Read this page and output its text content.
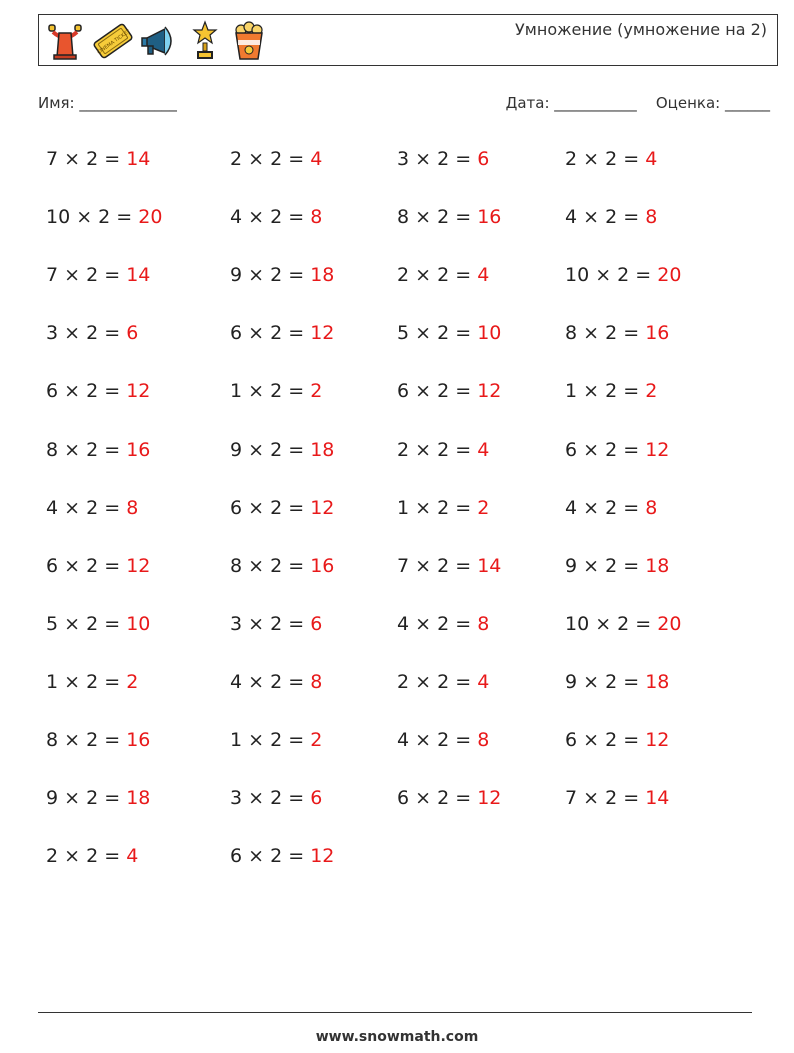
CINEMA TICKET	Умножение (умножение на 2)
Имя: _____________	Дата: ___________ Оценка: ______
7 × 2 = 14
10 × 2 = 20
7 × 2 = 14
3 × 2 = 6
6 × 2 = 12
8 × 2 = 16
4 × 2 = 8
6 × 2 = 12
5 × 2 = 10
1 × 2 = 2
8 × 2 = 16
9 × 2 = 18
2 × 2 = 4
2 × 2 = 4
4 × 2 = 8
9 × 2 = 18
6 × 2 = 12
1 × 2 = 2
9 × 2 = 18
6 × 2 = 12
8 × 2 = 16
3 × 2 = 6
4 × 2 = 8
1 × 2 = 2
3 × 2 = 6
6 × 2 = 12
3 × 2 = 6
8 × 2 = 16
2 × 2 = 4
5 × 2 = 10
6 × 2 = 12
2 × 2 = 4
1 × 2 = 2
7 × 2 = 14
4 × 2 = 8
2 × 2 = 4
4 × 2 = 8
6 × 2 = 12
2 × 2 = 4
4 × 2 = 8
10 × 2 = 20
8 × 2 = 16
1 × 2 = 2
6 × 2 = 12
4 × 2 = 8
9 × 2 = 18
10 × 2 = 20
9 × 2 = 18
6 × 2 = 12
7 × 2 = 14
www.snowmath.com
